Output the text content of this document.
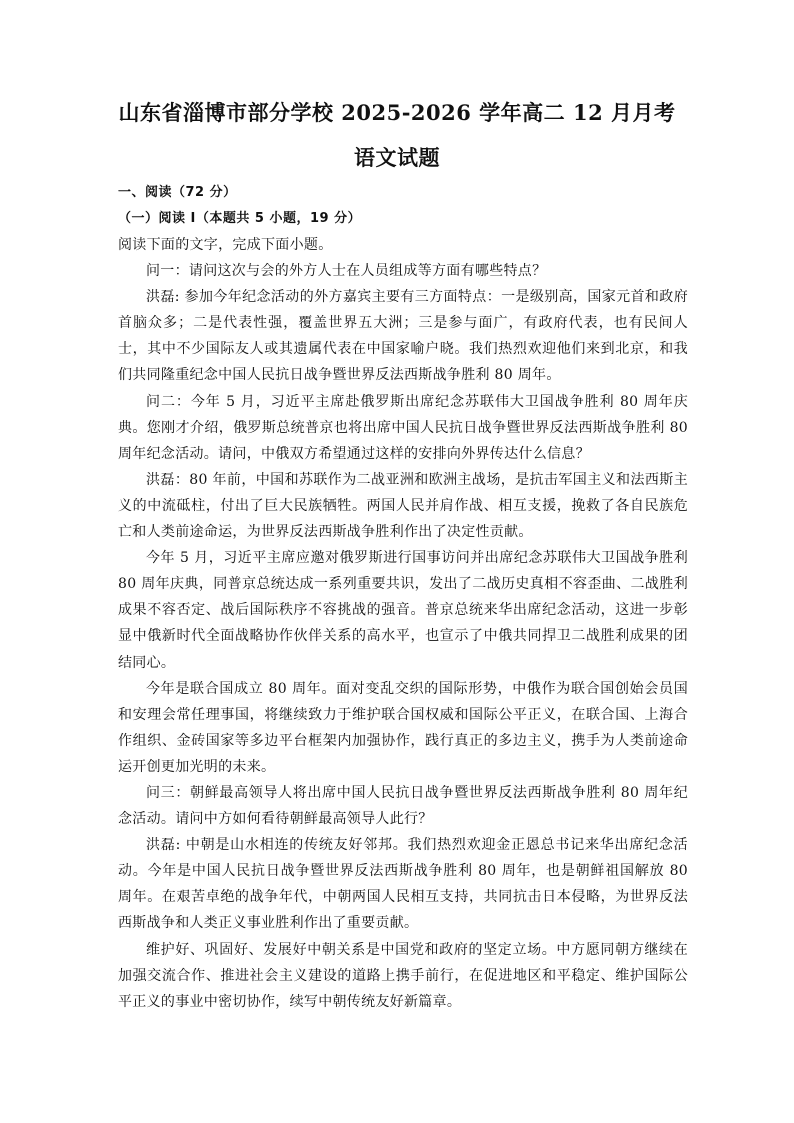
山东省淄博市部分学校 2025-2026 学年高二 12 月月考
语文试题
一、阅读（72 分）
（一）阅读 I（本题共 5 小题，19 分）

阅读下面的文字，完成下面小题。

问一：请问这次与会的外方人士在人员组成等方面有哪些特点？

洪磊: 参加今年纪念活动的外方嘉宾主要有三方面特点：一是级别高，国家元首和政府首脑众多；二是代表性强，覆盖世界五大洲；三是参与面广，有政府代表，也有民间人士，其中不少国际友人或其遗属代表在中国家喻户晓。我们热烈欢迎他们来到北京，和我们共同隆重纪念中国人民抗日战争暨世界反法西斯战争胜利 80 周年。

问二：今年 5 月，习近平主席赴俄罗斯出席纪念苏联伟大卫国战争胜利 80 周年庆典。您刚才介绍，俄罗斯总统普京也将出席中国人民抗日战争暨世界反法西斯战争胜利 80 周年纪念活动。请问，中俄双方希望通过这样的安排向外界传达什么信息？

洪磊：80 年前，中国和苏联作为二战亚洲和欧洲主战场，是抗击军国主义和法西斯主义的中流砥柱，付出了巨大民族牺牲。两国人民并肩作战、相互支援，挽救了各自民族危亡和人类前途命运，为世界反法西斯战争胜利作出了决定性贡献。

今年 5 月，习近平主席应邀对俄罗斯进行国事访问并出席纪念苏联伟大卫国战争胜利 80 周年庆典，同普京总统达成一系列重要共识，发出了二战历史真相不容歪曲、二战胜利成果不容否定、战后国际秩序不容挑战的强音。普京总统来华出席纪念活动，这进一步彰显中俄新时代全面战略协作伙伴关系的高水平，也宣示了中俄共同捍卫二战胜利成果的团结同心。

今年是联合国成立 80 周年。面对变乱交织的国际形势，中俄作为联合国创始会员国和安理会常任理事国，将继续致力于维护联合国权威和国际公平正义，在联合国、上海合作组织、金砖国家等多边平台框架内加强协作，践行真正的多边主义，携手为人类前途命运开创更加光明的未来。

问三：朝鲜最高领导人将出席中国人民抗日战争暨世界反法西斯战争胜利 80 周年纪念活动。请问中方如何看待朝鲜最高领导人此行？

洪磊: 中朝是山水相连的传统友好邻邦。我们热烈欢迎金正恩总书记来华出席纪念活动。今年是中国人民抗日战争暨世界反法西斯战争胜利 80 周年，也是朝鲜祖国解放 80 周年。在艰苦卓绝的战争年代，中朝两国人民相互支持，共同抗击日本侵略，为世界反法西斯战争和人类正义事业胜利作出了重要贡献。

维护好、巩固好、发展好中朝关系是中国党和政府的坚定立场。中方愿同朝方继续在加强交流合作、推进社会主义建设的道路上携手前行，在促进地区和平稳定、维护国际公平正义的事业中密切协作，续写中朝传统友好新篇章。
